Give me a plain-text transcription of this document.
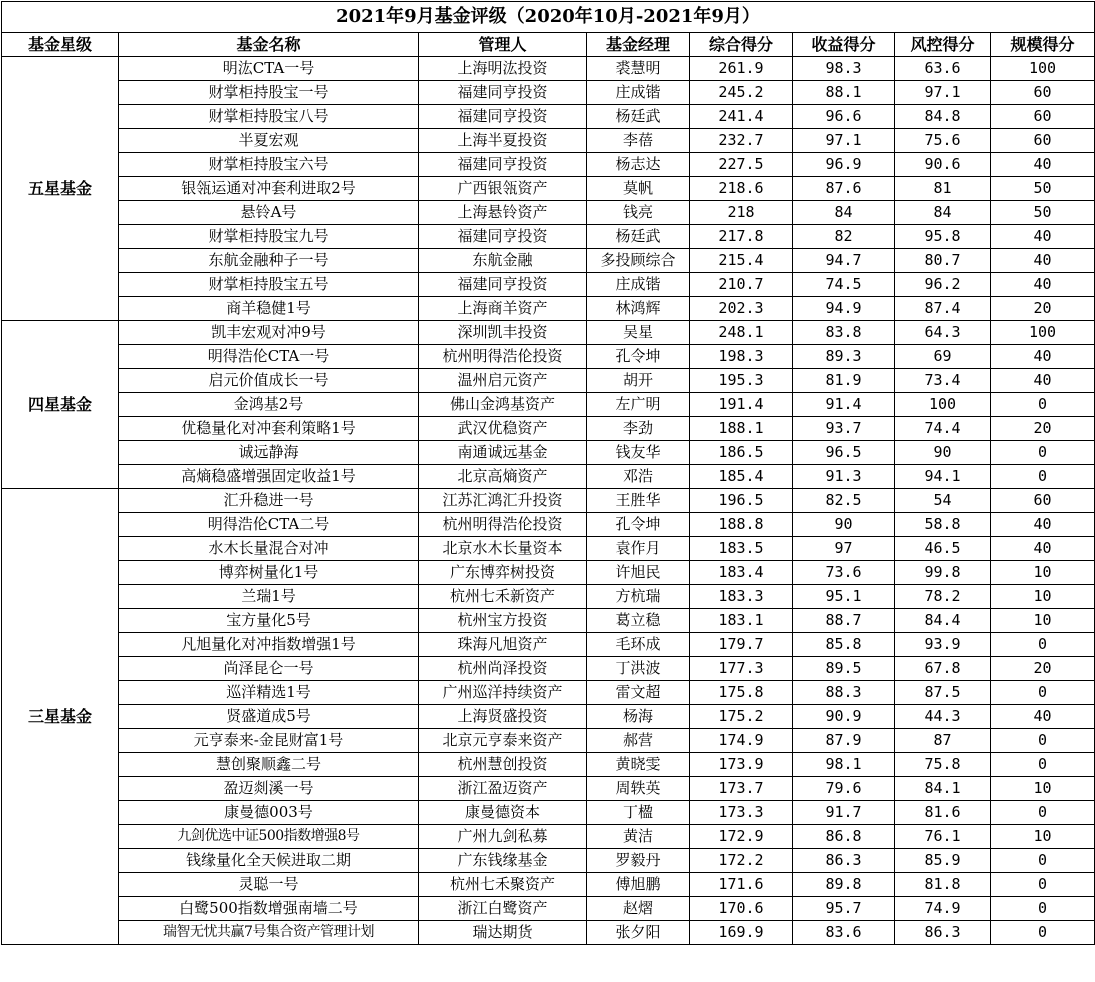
2021年9月基金评级（2020年10月-2021年9月）							
基金星级	基金名称	管理人	基金经理	综合得分	收益得分	风控得分	规模得分
五星基金	明汯CTA一号	上海明汯投资	裘慧明	261.9	98.3	63.6	100
	财掌柜持股宝一号	福建同亨投资	庄成锴	245.2	88.1	97.1	60
	财掌柜持股宝八号	福建同亨投资	杨廷武	241.4	96.6	84.8	60
	半夏宏观	上海半夏投资	李蓓	232.7	97.1	75.6	60
	财掌柜持股宝六号	福建同亨投资	杨志达	227.5	96.9	90.6	40
	银瓴运通对冲套利进取2号	广西银瓴资产	莫帆	218.6	87.6	81	50
	悬铃A号	上海悬铃资产	钱亮	218	84	84	50
	财掌柜持股宝九号	福建同亨投资	杨廷武	217.8	82	95.8	40
	东航金融种子一号	东航金融	多投顾综合	215.4	94.7	80.7	40
	财掌柜持股宝五号	福建同亨投资	庄成锴	210.7	74.5	96.2	40
	商羊稳健1号	上海商羊资产	林鸿辉	202.3	94.9	87.4	20
四星基金	凯丰宏观对冲9号	深圳凯丰投资	吴星	248.1	83.8	64.3	100
	明得浩伦CTA一号	杭州明得浩伦投资	孔令坤	198.3	89.3	69	40
	启元价值成长一号	温州启元资产	胡开	195.3	81.9	73.4	40
	金鸿基2号	佛山金鸿基资产	左广明	191.4	91.4	100	0
	优稳量化对冲套利策略1号	武汉优稳资产	李劲	188.1	93.7	74.4	20
	诚远静海	南通诚远基金	钱友华	186.5	96.5	90	0
	高熵稳盛增强固定收益1号	北京高熵资产	邓浩	185.4	91.3	94.1	0
三星基金	汇升稳进一号	江苏汇鸿汇升投资	王胜华	196.5	82.5	54	60
	明得浩伦CTA二号	杭州明得浩伦投资	孔令坤	188.8	90	58.8	40
	水木长量混合对冲	北京水木长量资本	袁作月	183.5	97	46.5	40
	博弈树量化1号	广东博弈树投资	许旭民	183.4	73.6	99.8	10
	兰瑞1号	杭州七禾新资产	方杭瑞	183.3	95.1	78.2	10
	宝方量化5号	杭州宝方投资	葛立稳	183.1	88.7	84.4	10
	凡旭量化对冲指数增强1号	珠海凡旭资产	毛环成	179.7	85.8	93.9	0
	尚泽昆仑一号	杭州尚泽投资	丁洪波	177.3	89.5	67.8	20
	巡洋精选1号	广州巡洋持续资产	雷文超	175.8	88.3	87.5	0
	贤盛道成5号	上海贤盛投资	杨海	175.2	90.9	44.3	40
	元亨泰来-金昆财富1号	北京元亨泰来资产	郝营	174.9	87.9	87	0
	慧创聚顺鑫二号	杭州慧创投资	黄晓雯	173.9	98.1	75.8	0
	盈迈剡溪一号	浙江盈迈资产	周轶英	173.7	79.6	84.1	10
	康曼德003号	康曼德资本	丁楹	173.3	91.7	81.6	0
	九剑优选中证500指数增强8号	广州九剑私募	黄洁	172.9	86.8	76.1	10
	钱缘量化全天候进取二期	广东钱缘基金	罗毅丹	172.2	86.3	85.9	0
	灵聪一号	杭州七禾聚资产	傅旭鹏	171.6	89.8	81.8	0
	白鹭500指数增强南墙二号	浙江白鹭资产	赵熠	170.6	95.7	74.9	0
	瑞智无忧共赢7号集合资产管理计划	瑞达期货	张夕阳	169.9	83.6	86.3	0
